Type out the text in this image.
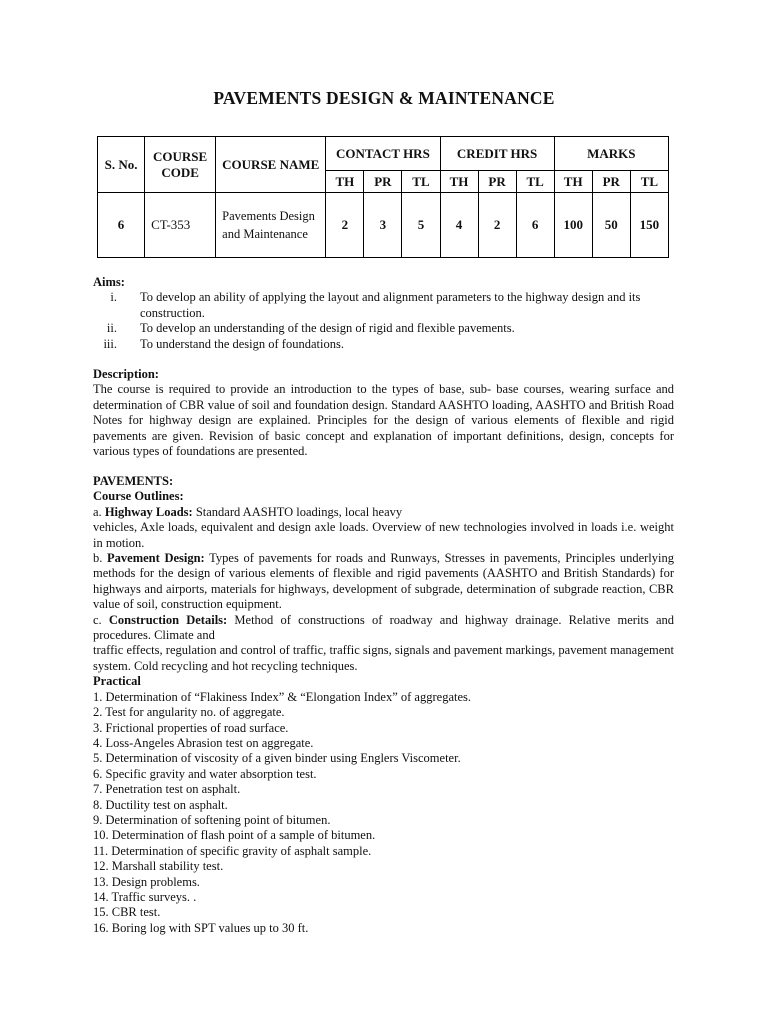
PAVEMENTS DESIGN & MAINTENANCE
S. No.	COURSE CODE	COURSE NAME	CONTACT HRS			CREDIT HRS			MARKS		
			TH	PR	TL	TH	PR	TL	TH	PR	TL
6	CT-353	Pavements Design and Maintenance	2	3	5	4	2	6	100	50	150
Aims:
i. To develop an ability of applying the layout and alignment parameters to the highway design and its construction.
ii. To develop an understanding of the design of rigid and flexible pavements.
iii. To understand the design of foundations.
Description:
The course is required to provide an introduction to the types of base, sub- base courses, wearing surface and determination of CBR value of soil and foundation design. Standard AASHTO loading, AASHTO and British Road Notes for highway design are explained. Principles for the design of various elements of flexible and rigid pavements are given. Revision of basic concept and explanation of important definitions, design, concepts for various types of foundations are presented.
PAVEMENTS:
Course Outlines:
a. Highway Loads: Standard AASHTO loadings, local heavy
vehicles, Axle loads, equivalent and design axle loads. Overview of new technologies involved in loads i.e. weight in motion.
b. Pavement Design: Types of pavements for roads and Runways, Stresses in pavements, Principles underlying methods for the design of various elements of flexible and rigid pavements (AASHTO and British Standards) for highways and airports, materials for highways, development of subgrade, determination of subgrade reaction, CBR value of soil, construction equipment.
c. Construction Details: Method of constructions of roadway and highway drainage. Relative merits and procedures. Climate and
traffic effects, regulation and control of traffic, traffic signs, signals and pavement markings, pavement management system. Cold recycling and hot recycling techniques.
Practical
1. Determination of “Flakiness Index” & “Elongation Index” of aggregates.
2. Test for angularity no. of aggregate.
3. Frictional properties of road surface.
4. Loss-Angeles Abrasion test on aggregate.
5. Determination of viscosity of a given binder using Englers Viscometer.
6. Specific gravity and water absorption test.
7. Penetration test on asphalt.
8. Ductility test on asphalt.
9. Determination of softening point of bitumen.
10. Determination of flash point of a sample of bitumen.
11. Determination of specific gravity of asphalt sample.
12. Marshall stability test.
13. Design problems.
14. Traffic surveys. .
15. CBR test.
16. Boring log with SPT values up to 30 ft.
